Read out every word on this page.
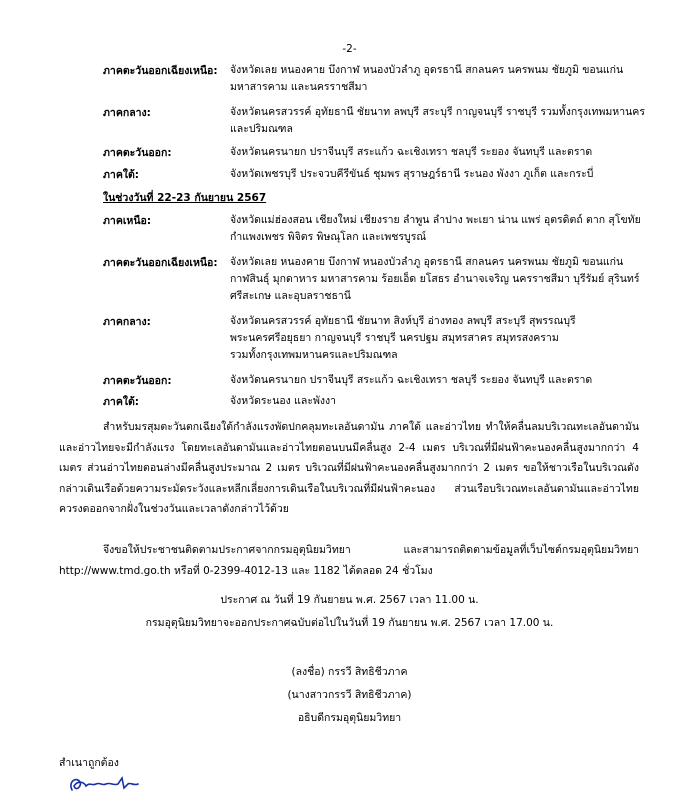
-2-
ภาคตะวันออกเฉียงเหนือ: จังหวัดเลย หนองคาย บึงกาฬ หนองบัวลำภู อุดรธานี สกลนคร นครพนม ชัยภูมิ ขอนแก่น
มหาสารคาม และนครราชสีมา
ภาคกลาง:	จังหวัดนครสวรรค์ อุทัยธานี ชัยนาท ลพบุรี สระบุรี กาญจนบุรี ราชบุรี รวมทั้งกรุงเทพมหานคร
และปริมณฑล
ภาคตะวันออก:	จังหวัดนครนายก ปราจีนบุรี สระแก้ว ฉะเชิงเทรา ชลบุรี ระยอง จันทบุรี และตราด
ภาคใต้:	จังหวัดเพชรบุรี ประจวบคีรีขันธ์ ชุมพร สุราษฎร์ธานี ระนอง พังงา ภูเก็ต และกระบี่
ในช่วงวันที่ 22-23 กันยายน 2567
ภาคเหนือ:	จังหวัดแม่ฮ่องสอน เชียงใหม่ เชียงราย ลำพูน ลำปาง พะเยา น่าน แพร่ อุตรดิตถ์ ตาก สุโขทัย
กำแพงเพชร พิจิตร พิษณุโลก และเพชรบูรณ์
ภาคตะวันออกเฉียงเหนือ: จังหวัดเลย หนองคาย บึงกาฬ หนองบัวลำภู อุดรธานี สกลนคร นครพนม ชัยภูมิ ขอนแก่น
กาฬสินธุ์ มุกดาหาร มหาสารคาม ร้อยเอ็ด ยโสธร อำนาจเจริญ นครราชสีมา บุรีรัมย์ สุรินทร์
ศรีสะเกษ และอุบลราชธานี
ภาคกลาง:	จังหวัดนครสวรรค์ อุทัยธานี ชัยนาท สิงห์บุรี อ่างทอง ลพบุรี สระบุรี สุพรรณบุรี
พระนครศรีอยุธยา กาญจนบุรี ราชบุรี นครปฐม สมุทรสาคร สมุทรสงคราม
รวมทั้งกรุงเทพมหานครและปริมณฑล
ภาคตะวันออก:	จังหวัดนครนายก ปราจีนบุรี สระแก้ว ฉะเชิงเทรา ชลบุรี ระยอง จันทบุรี และตราด
ภาคใต้:	จังหวัดระนอง และพังงา
สำหรับมรสุมตะวันตกเฉียงใต้กำลังแรงพัดปกคลุมทะเลอันดามัน ภาคใต้ และอ่าวไทย ทำให้คลื่นลมบริเวณทะเลอันดามันและอ่าวไทยจะมีกำลังแรง โดยทะเลอันดามันและอ่าวไทยตอนบนมีคลื่นสูง 2-4 เมตร บริเวณที่มีฝนฟ้าคะนองคลื่นสูงมากกว่า 4 เมตร ส่วนอ่าวไทยตอนล่างมีคลื่นสูงประมาณ 2 เมตร บริเวณที่มีฝนฟ้าคะนองคลื่นสูงมากกว่า 2 เมตร ขอให้ชาวเรือในบริเวณดังกล่าวเดินเรือด้วยความระมัดระวังและหลีกเลี่ยงการเดินเรือในบริเวณที่มีฝนฟ้าคะนอง ส่วนเรือบริเวณทะเลอันดามันและอ่าวไทยควรงดออกจากฝั่งในช่วงวันและเวลาดังกล่าวไว้ด้วย
จึงขอให้ประชาชนติดตามประกาศจากกรมอุตุนิยมวิทยา และสามารถติดตามข้อมูลที่เว็บไซต์กรมอุตุนิยมวิทยา http://www.tmd.go.th หรือที่ 0-2399-4012-13 และ 1182 ได้ตลอด 24 ชั่วโมง
ประกาศ ณ วันที่ 19 กันยายน พ.ศ. 2567 เวลา 11.00 น.
กรมอุตุนิยมวิทยาจะออกประกาศฉบับต่อไปในวันที่ 19 กันยายน พ.ศ. 2567 เวลา 17.00 น.
(ลงชื่อ) กรรวี สิทธิชีวภาค
(นางสาวกรรวี สิทธิชีวภาค)
อธิบดีกรมอุตุนิยมวิทยา
สำเนาถูกต้อง
